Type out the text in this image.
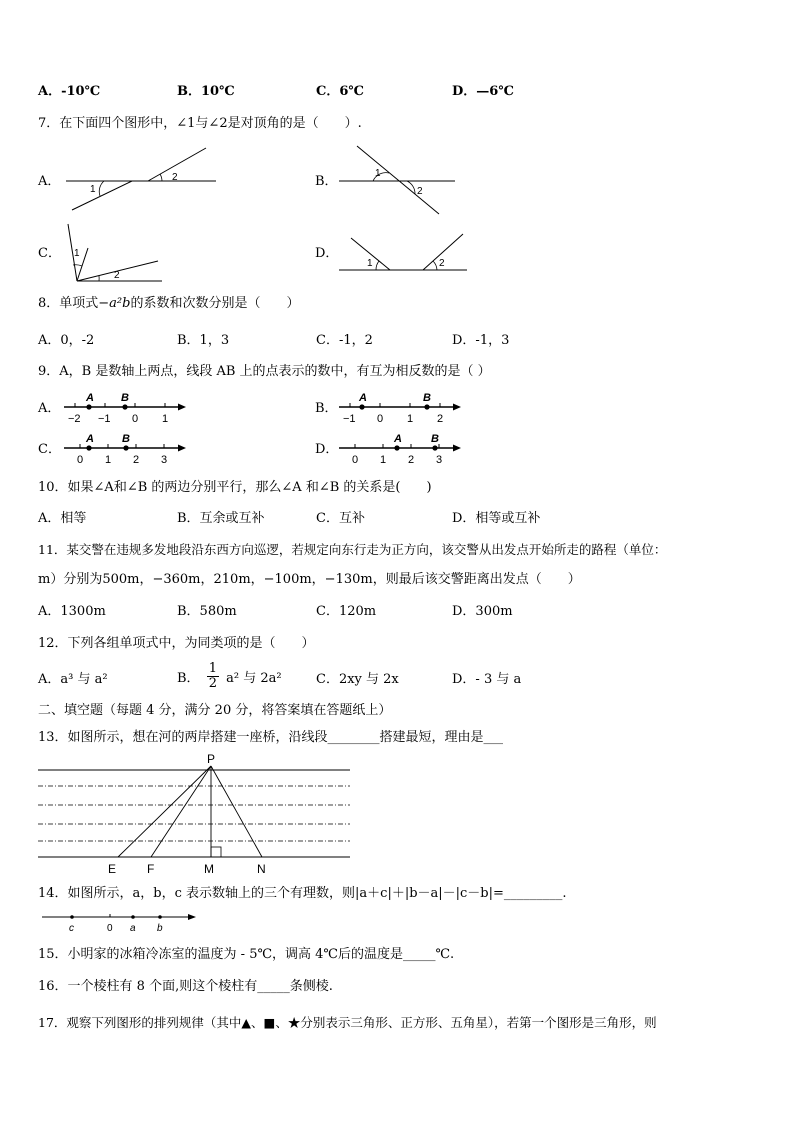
A．-10℃	B．10℃	C．6℃	D．—6℃
7．在下面四个图形中，∠1与∠2是对顶角的是（　　）.
A．
1
2	B．
1
2
C． 1
2
D．
1	2
8．单项式−a²b的系数和次数分别是（　　）
A．0，-2	B．1，3	C．-1，2	D．-1，3
9．A，B 是数轴上两点，线段 AB 上的点表示的数中，有互为相反数的是（ ）
A．
A B
−2 −1 0 1
B．
A	B
−1 0 1 2
C．
A	B
0 1 2 3
D．
A	B
0 1 2 3
10．如果∠A和∠B 的两边分别平行，那么∠A 和∠B 的关系是(　　)
A．相等	B．互余或互补	C．互补	D．相等或互补
11．某交警在违规多发地段沿东西方向巡逻，若规定向东行走为正方向，该交警从出发点开始所走的路程（单位：
m）分别为500m，−360m，210m，−100m，−130m，则最后该交警距离出发点（　　）
A．1300m	B．580m	C．120m	D．300m
12．下列各组单项式中，为同类项的是（　　）
A．a³ 与 a²	B． $\frac{1}{2} a^2$ 与 2a²	C．2xy 与 2x	D．- 3 与 a
二、填空题（每题 4 分，满分 20 分，将答案填在答题纸上）
13．如图所示，想在河的两岸搭建一座桥，沿线段________搭建最短，理由是___
P
E	F	M	N
14．如图所示，a，b，c 表示数轴上的三个有理数，则|a＋c|＋|b－a|－|c－b|=_________.
c	0 a b
15．小明家的冰箱冷冻室的温度为 - 5℃，调高 4℃后的温度是_____℃.
16．一个棱柱有 8 个面,则这个棱柱有_____条侧棱.
17．观察下列图形的排列规律（其中▲、■、★分别表示三角形、正方形、五角星），若第一个图形是三角形，则
